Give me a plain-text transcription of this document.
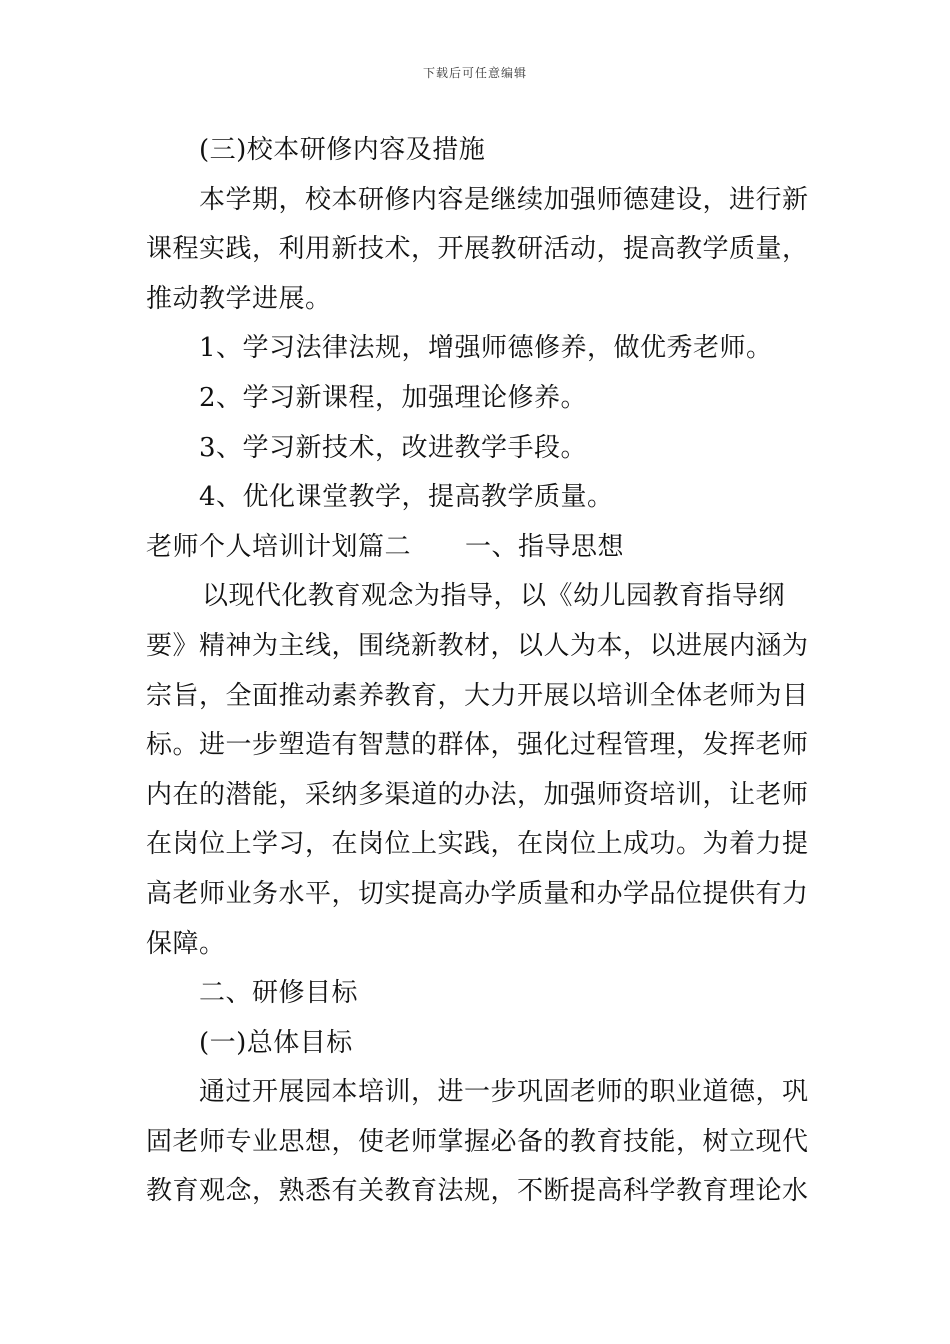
下载后可任意编辑
(三)校本研修内容及措施
本学期，校本研修内容是继续加强师德建设，进行新
课程实践，利用新技术，开展教研活动，提高教学质量，
推动教学进展。
1、学习法律法规，增强师德修养，做优秀老师。
2、学习新课程，加强理论修养。
3、学习新技术，改进教学手段。
4、优化课堂教学，提高教学质量。
老师个人培训计划篇二 一、指导思想
以现代化教育观念为指导，以《幼儿园教育指导纲
要》精神为主线，围绕新教材，以人为本，以进展内涵为
宗旨，全面推动素养教育，大力开展以培训全体老师为目
标。进一步塑造有智慧的群体，强化过程管理，发挥老师
内在的潜能，采纳多渠道的办法，加强师资培训，让老师
在岗位上学习，在岗位上实践，在岗位上成功。为着力提
高老师业务水平，切实提高办学质量和办学品位提供有力
保障。
二、研修目标
(一)总体目标
通过开展园本培训，进一步巩固老师的职业道德，巩
固老师专业思想，使老师掌握必备的教育技能，树立现代
教育观念，熟悉有关教育法规，不断提高科学教育理论水
